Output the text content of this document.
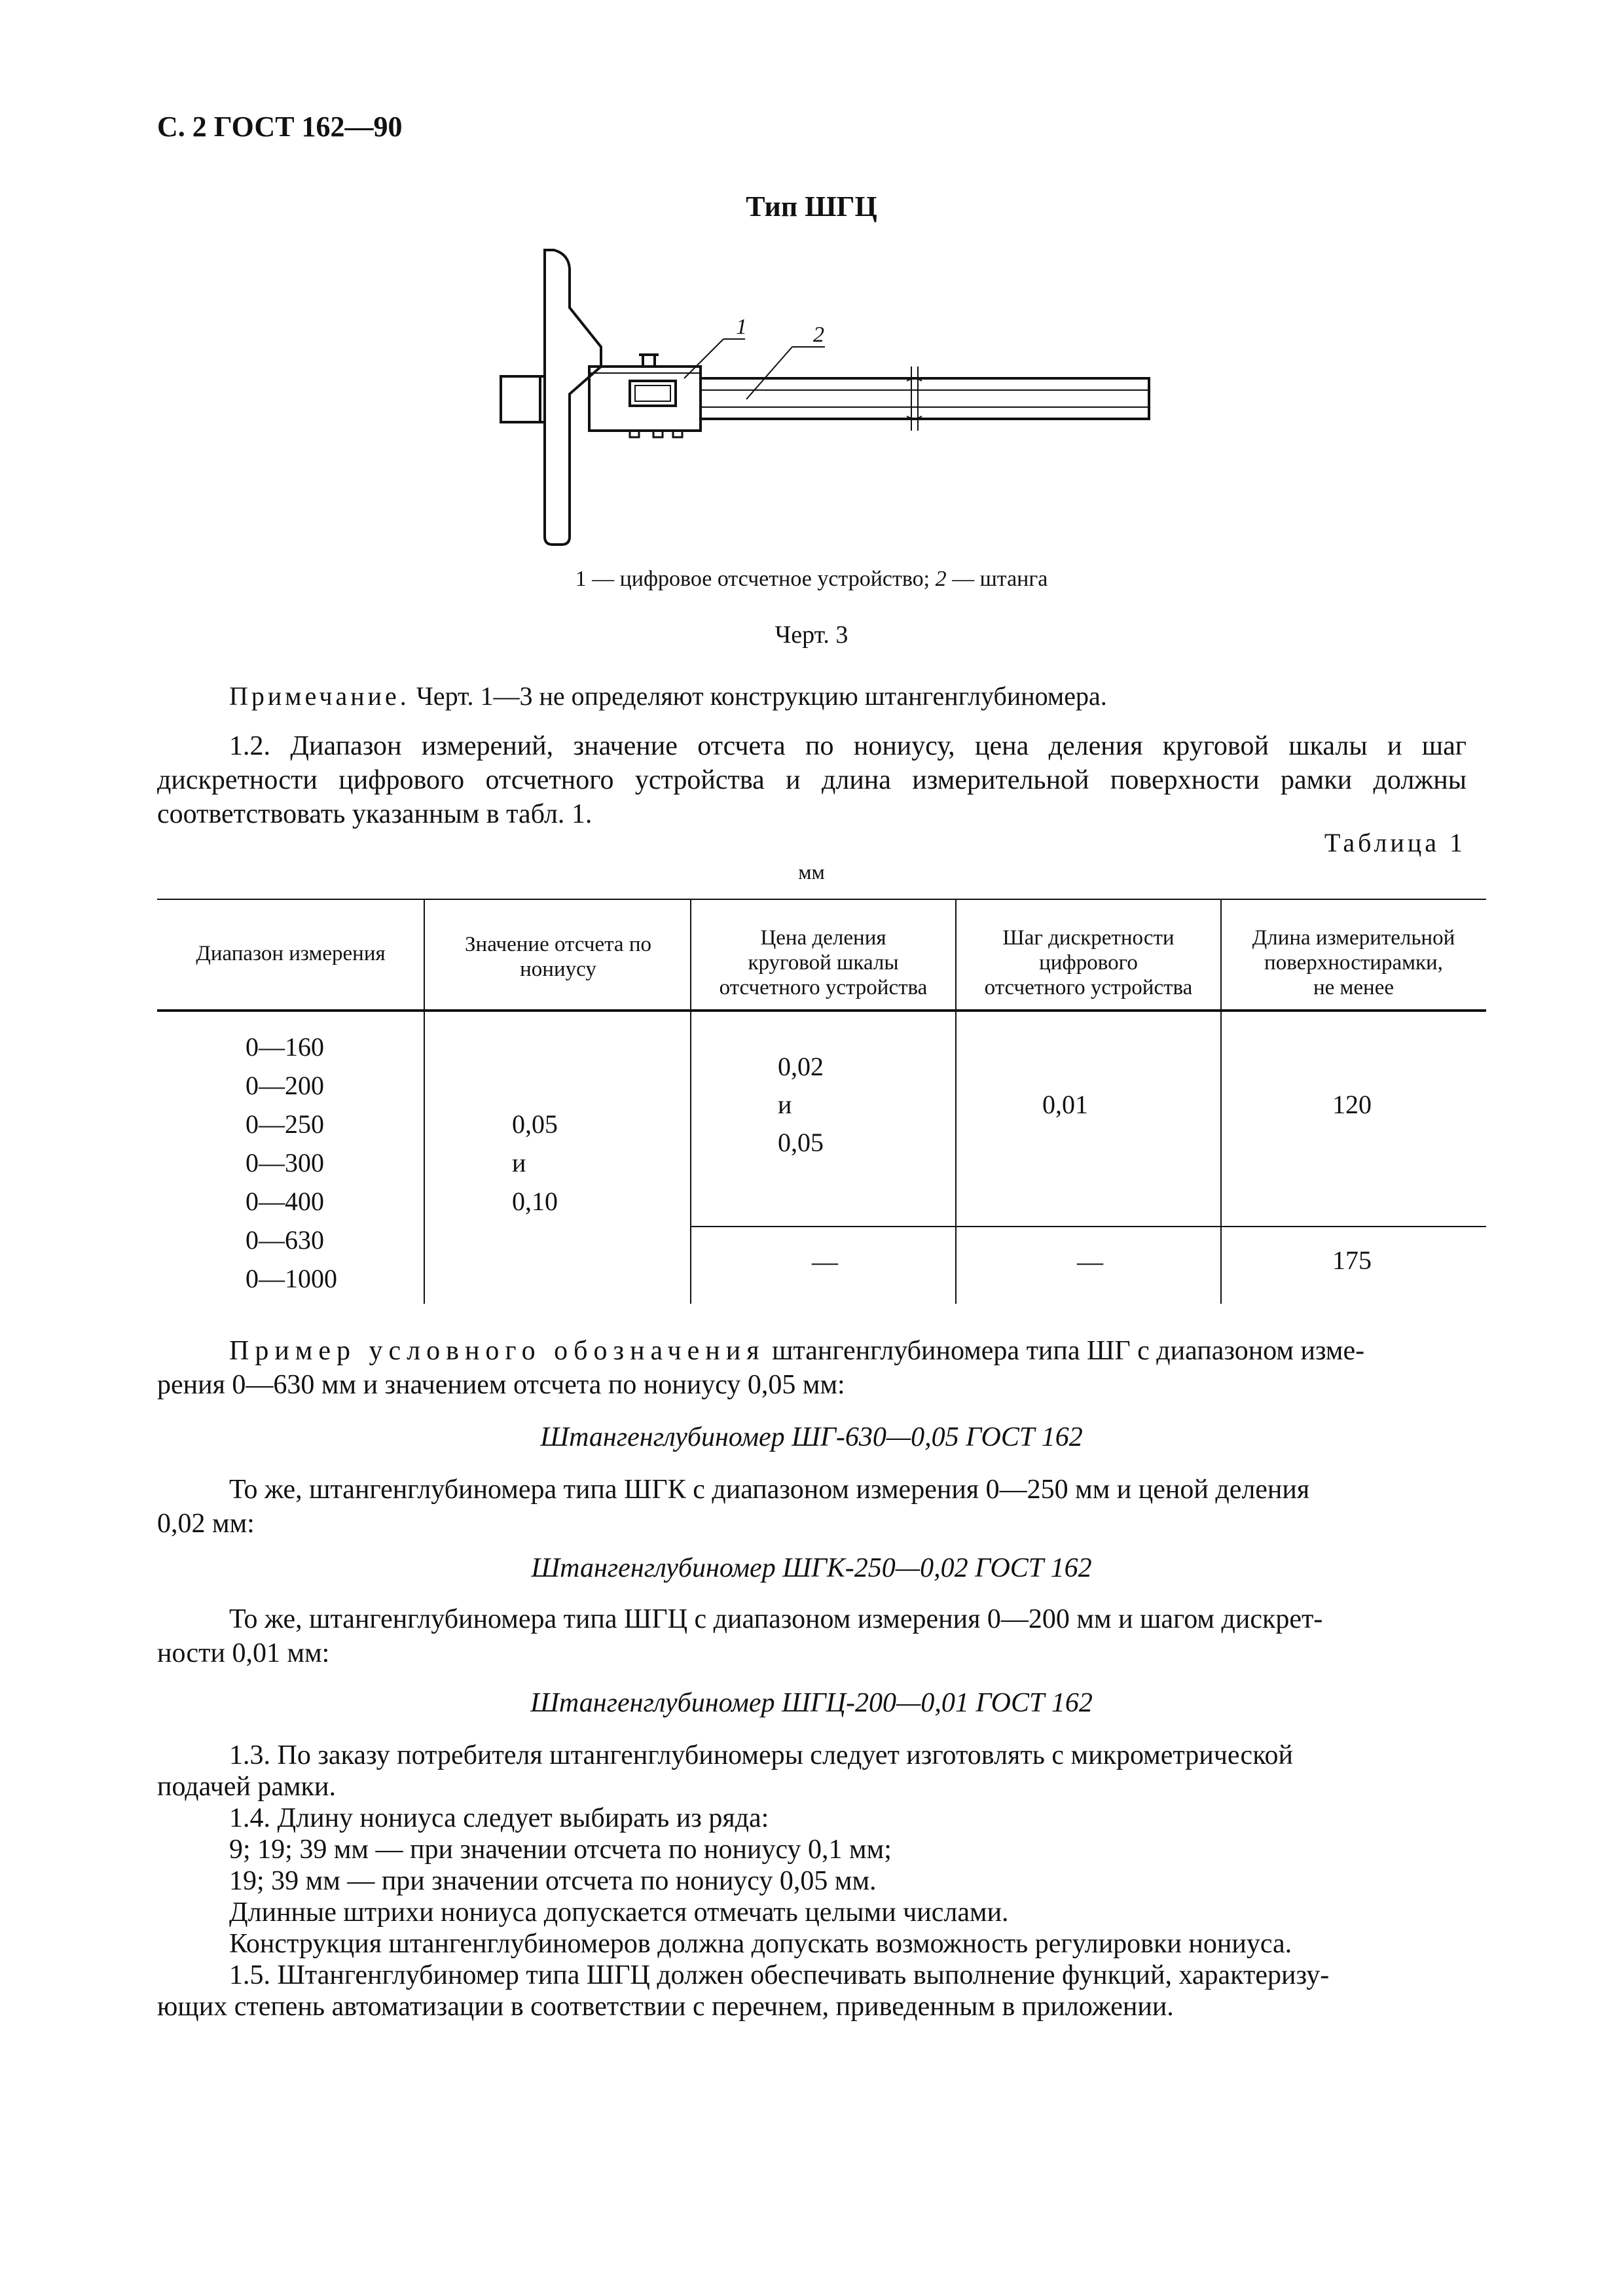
С. 2 ГОСТ 162—90
Тип ШГЦ
1	2
1 — цифровое отсчетное устройство; 2 — штанга
Черт. 3
Примечание. Черт. 1—3 не определяют конструкцию штангенглубиномера.
1.2. Диапазон измерений, значение отсчета по нониусу, цена деления круговой шкалы и шаг дискретности цифрового отсчетного устройства и длина измерительной поверхности рамки должны соответствовать указанным в табл. 1.
Таблица 1
мм
Диапазон измерения	Значение отсчета по нониусу
Цена деления
круговой шкалы
отсчетного устройства
Шаг дискретности
цифрового
отсчетного устройства
Длина измерительной
поверхностирамки,
не менее
0—160
0—200
0—250
0—300
0—400
0—630
0—1000
0,05
и
0,10
0,02
и
0,05
—
0,01
—
120
175
Пример условного обозначения штангенглубиномера типа ШГ с диапазоном изме-
рения 0—630 мм и значением отсчета по нониусу 0,05 мм:
Штангенглубиномер ШГ-630—0,05 ГОСТ 162
То же, штангенглубиномера типа ШГК с диапазоном измерения 0—250 мм и ценой деления
0,02 мм:
Штангенглубиномер ШГК-250—0,02 ГОСТ 162
То же, штангенглубиномера типа ШГЦ с диапазоном измерения 0—200 мм и шагом дискрет-
ности 0,01 мм:
Штангенглубиномер ШГЦ-200—0,01 ГОСТ 162
1.3. По заказу потребителя штангенглубиномеры следует изготовлять с микрометрической
подачей рамки.
1.4. Длину нониуса следует выбирать из ряда:
9; 19; 39 мм — при значении отсчета по нониусу 0,1 мм;
19; 39 мм — при значении отсчета по нониусу 0,05 мм.
Длинные штрихи нониуса допускается отмечать целыми числами.
Конструкция штангенглубиномеров должна допускать возможность регулировки нониуса.
1.5. Штангенглубиномер типа ШГЦ должен обеспечивать выполнение функций, характеризу-
ющих степень автоматизации в соответствии с перечнем, приведенным в приложении.
